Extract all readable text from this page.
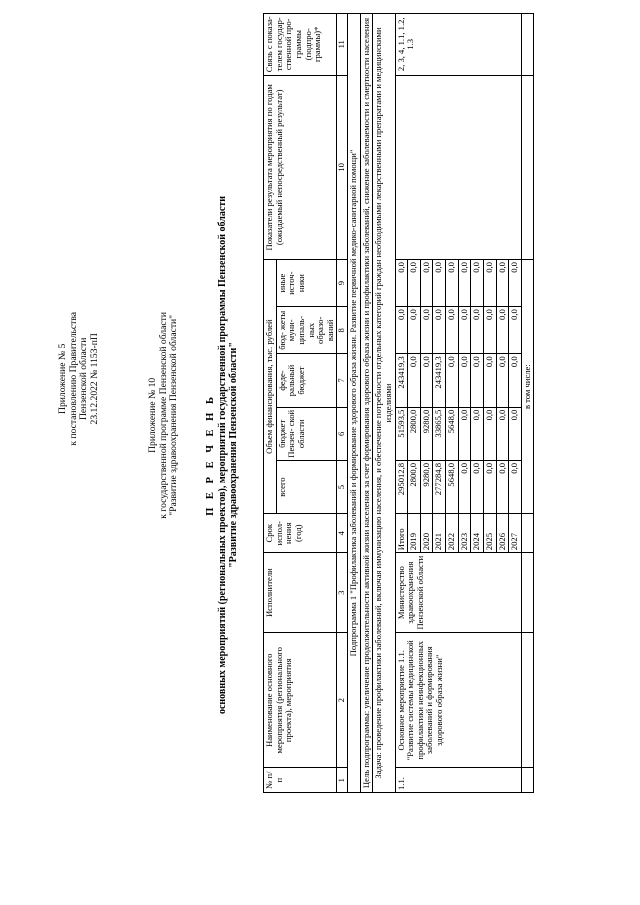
Приложение № 5 к постановлению Правительства Пензенской области 23.12.2022 № 1153-пП	Приложение № 10 к государственной программе Пензенской области "Развитие здравоохранения Пензенской области" П Е Р Е Ч Е Н Ь основных мероприятий (региональных проектов), мероприятий государственной программы Пензенской области "Развитие здравоохранения Пензенской области"
№ п/п	Наименование основного мероприятия (регионального проекта), мероприятия	Исполнители	Срок испол- нения (год)	Объем финансирования, тыс. рублей					Показатели результата мероприятия по годам (ожидаемый непосредственный результат)	Связь с показа- телем государ- ственной про- граммы (подпро- граммы)*
				всего	бюджет Пензен- ской области	феде- ральный бюджет	бюд- жеты муни- ципаль- ных образо- ваний	иные источ- ники		
1	2	3	4	5	6	7	8	9	10	11
Подпрограмма 1 "Профилактика заболеваний и формирование здорового образа жизни. Развитие первичной медико-санитарной помощи"										
Цель подпрограммы: увеличение продолжительности активной жизни населения за счет формирования здорового образа жизни и профилактики заболеваний, снижение заболеваемости и смертности населения										
Задача: проведение профилактики заболеваний, включая иммунизацию населения, и обеспечение потребности отдельных категорий граждан необходимыми лекарственными препаратами и медицинскими изделиями										
1.1.	Основное мероприятие 1.1. "Развитие системы медицинской профилактики неинфекционных заболеваний и формирования здорового образа жизни"	Министерство здравоохранения Пензенской области	Итого	295012,8	51593,5	243419,3	0,0	0,0		2, 3, 4, 1.1, 1.2, 1.3
			2019	2800,0	2800,0	0,0	0,0	0,0		
			2020	9280,0	9280,0	0,0	0,0	0,0		
			2021	277284,8	33865,5	243419,3	0,0	0,0		
			2022	5648,0	5648,0	0,0	0,0	0,0		
			2023	0,0	0,0	0,0	0,0	0,0		
			2024	0,0	0,0	0,0	0,0	0,0		
			2025	0,0	0,0	0,0	0,0	0,0		
			2026	0,0	0,0	0,0	0,0	0,0		
			2027	0,0	0,0	0,0	0,0	0,0		
				в том числе:						
